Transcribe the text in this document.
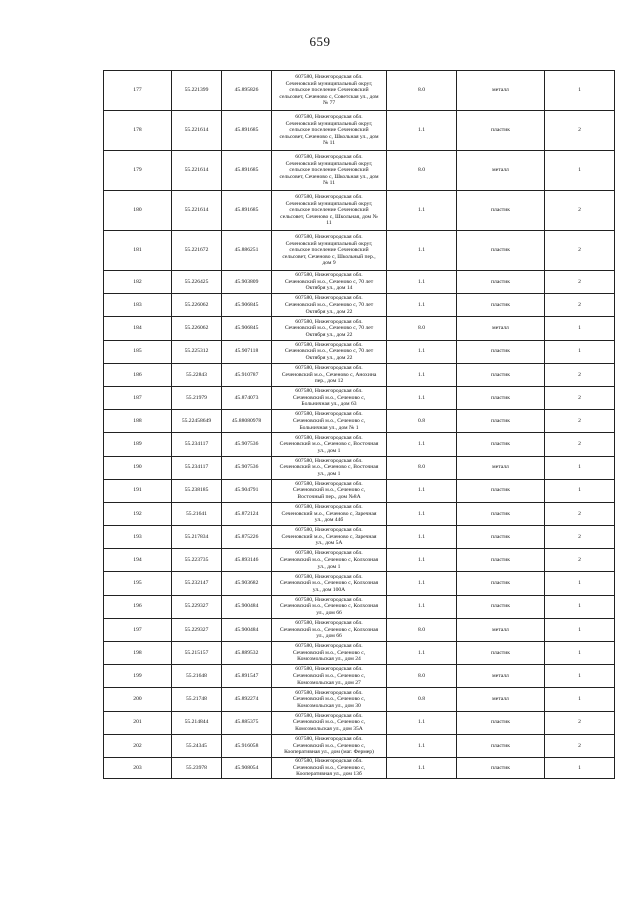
659
177	55.221399	45.895826	607580, Нижегородская обл.
Сеченовский муниципальный округ,
сельское поселение Сеченовский
сельсовет, Сеченово с, Советская ул., дом
№ 77	8.0	металл	1
178	55.221614	45.891685	607580, Нижегородская обл.
Сеченовский муниципальный округ,
сельское поселение Сеченовский
сельсовет, Сеченово с, Школьная ул., дом
№ 11	1.1	пластик	2
179	55.221614	45.891685	607580, Нижегородская обл.
Сеченовский муниципальный округ,
сельское поселение Сеченовский
сельсовет, Сеченово с, Школьная ул., дом
№ 11	8.0	металл	1
180	55.221614	45.891685	607580, Нижегородская обл.
Сеченовский муниципальный округ,
сельское поселение Сеченовский
сельсовет, Сеченово с, Школьная, дом №
11	1.1	пластик	2
181	55.221672	45.886251	607580, Нижегородская обл.
Сеченовский муниципальный округ,
сельское поселение Сеченовский
сельсовет, Сеченово с, Школьный пер.,
дом 9	1.1	пластик	2
182	55.226425	45.903809	607580, Нижегородская обл.
Сеченовский м.о., Сеченово с, 70 лет
Октября ул., дом 14	1.1	пластик	2
183	55.226062	45.906845	607580, Нижегородская обл.
Сеченовский м.о., Сеченово с, 70 лет
Октября ул., дом 22	1.1	пластик	2
184	55.226062	45.906845	607580, Нижегородская обл.
Сеченовский м.о., Сеченово с, 70 лет
Октября ул., дом 22	8.0	металл	1
185	55.225312	45.907118	607580, Нижегородская обл.
Сеченовский м.о., Сеченово с, 70 лет
Октября ул., дом 22	1.1	пластик	1
186	55.22843	45.910787	607580, Нижегородская обл.
Сеченовский м.о., Сеченово с, Анохина
пер., дом 12	1.1	пластик	2
187	55.21979	45.874073	607580, Нижегородская обл.
Сеченовский м.о., Сеченово с,
Больничная ул., дом 63	1.1	пластик	2
188	55.22458649	45.88080978	607580, Нижегородская обл.
Сеченовский м.о., Сеченово с,
Больничная ул., дом № 1	0.8	пластик	2
189	55.234117	45.907536	607580, Нижегородская обл.
Сеченовский м.о., Сеченово с, Восточная
ул., дом 1	1.1	пластик	2
190	55.234117	45.907536	607580, Нижегородская обл.
Сеченовский м.о., Сеченово с, Восточная
ул., дом 1	8.0	металл	1
191	55.238185	45.904791	607580, Нижегородская обл.
Сеченовский м.о., Сеченово с,
Восточный пер., дом №8А	1.1	пластик	1
192	55.21641	45.872124	607580, Нижегородская обл.
Сеченовский м.о., Сеченово с, Заречная
ул., дом 44б	1.1	пластик	2
193	55.217834	45.875226	607580, Нижегородская обл.
Сеченовский м.о., Сеченово с, Заречная
ул., дом 5А	1.1	пластик	2
194	55.223735	45.893146	607580, Нижегородская обл.
Сеченовский м.о., Сеченово с, Колхозная
ул., дом 1	1.1	пластик	2
195	55.232147	45.903682	607580, Нижегородская обл.
Сеченовский м.о., Сеченово с, Колхозная
ул., дом 100А	1.1	пластик	1
196	55.229327	45.900484	607580, Нижегородская обл.
Сеченовский м.о., Сеченово с, Колхозная
ул., дом 66	1.1	пластик	1
197	55.229327	45.900484	607580, Нижегородская обл.
Сеченовский м.о., Сеченово с, Колхозная
ул., дом 66	8.0	металл	1
198	55.215157	45.889532	607580, Нижегородская обл.
Сеченовский м.о., Сеченово с,
Комсомольская ул., дом 24	1.1	пластик	1
199	55.21648	45.891547	607580, Нижегородская обл.
Сеченовский м.о., Сеченово с,
Комсомольская ул., дом 27	8.0	металл	1
200	55.21748	45.892274	607580, Нижегородская обл.
Сеченовский м.о., Сеченово с,
Комсомольская ул., дом 30	0.8	металл	1
201	55.214844	45.885375	607580, Нижегородская обл.
Сеченовский м.о., Сеченово с,
Комсомольская ул., дом 35А	1.1	пластик	2
202	55.24345	45.916058	607580, Нижегородская обл.
Сеченовский м.о., Сеченово с,
Кооперативная ул., дом (маг. Фермер)	1.1	пластик	2
203	55.23978	45.908054	607580, Нижегородская обл.
Сеченовский м.о., Сеченово с,
Кооперативная ул., дом 13б	1.1	пластик	1
